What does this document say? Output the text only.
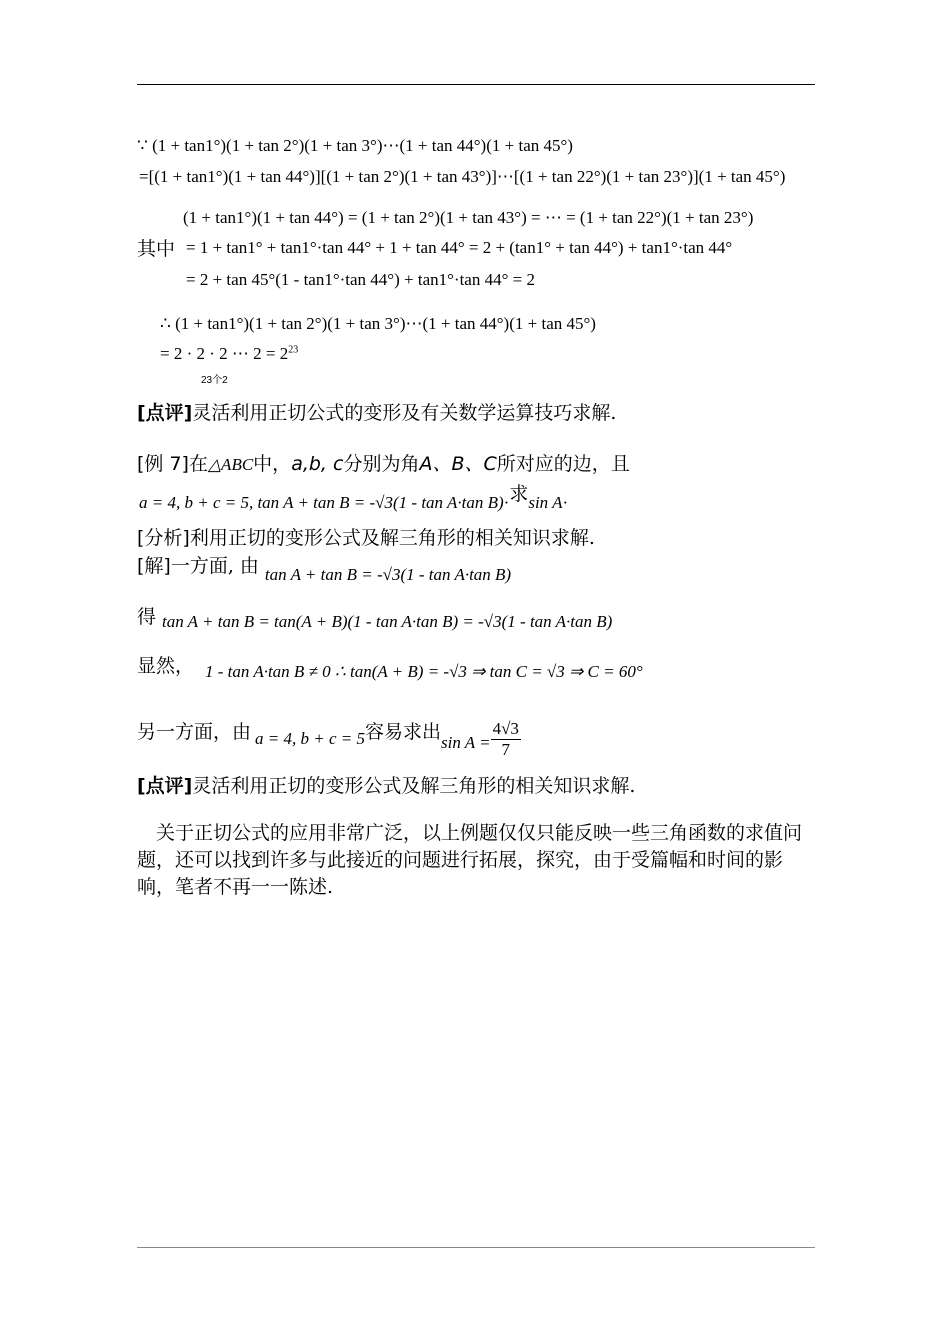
∵ (1 + tan1°)(1 + tan 2°)(1 + tan 3°)⋯(1 + tan 44°)(1 + tan 45°)
=[(1 + tan1°)(1 + tan 44°)][(1 + tan 2°)(1 + tan 43°)]⋯[(1 + tan 22°)(1 + tan 23°)](1 + tan 45°)
(1 + tan1°)(1 + tan 44°) = (1 + tan 2°)(1 + tan 43°) = ⋯ = (1 + tan 22°)(1 + tan 23°)
其中 = 1 + tan1° + tan1°·tan 44° + 1 + tan 44° = 2 + (tan1° + tan 44°) + tan1°·tan 44°
= 2 + tan 45°(1 - tan1°·tan 44°) + tan1°·tan 44° = 2
∴ (1 + tan1°)(1 + tan 2°)(1 + tan 3°)⋯(1 + tan 44°)(1 + tan 45°)
= 2 · 2 · 2 ⋯ $2 = 2^{23}$
23个2
[点评]灵活利用正切公式的变形及有关数学运算技巧求解.
[例 7]在△ABC中，a,b, c分别为角A、B、C所对应的边，且
a = 4, b + c = 5, tan A + tan B = -√3(1 - tan A·tan B)·求sin A·
[分析]利用正切的变形公式及解三角形的相关知识求解.
[解]一方面, 由 tan A + tan B = -√3(1 - tan A·tan B)
得 tan A + tan B = tan(A + B)(1 - tan A·tan B) = -√3(1 - tan A·tan B)
显然， 1 - tan A·tan B ≠ 0 ∴ tan(A + B) = -√3 ⇒ tan C = √3 ⇒ C = 60°
另一方面，由 a = 4, b + c = 5容易求出$\sin A = \frac{4√3}{7}$
[点评]灵活利用正切的变形公式及解三角形的相关知识求解.
关于正切公式的应用非常广泛，以上例题仅仅只能反映一些三角函数的求值问题，还可以找到许多与此接近的问题进行拓展，探究，由于受篇幅和时间的影响，笔者不再一一陈述.
